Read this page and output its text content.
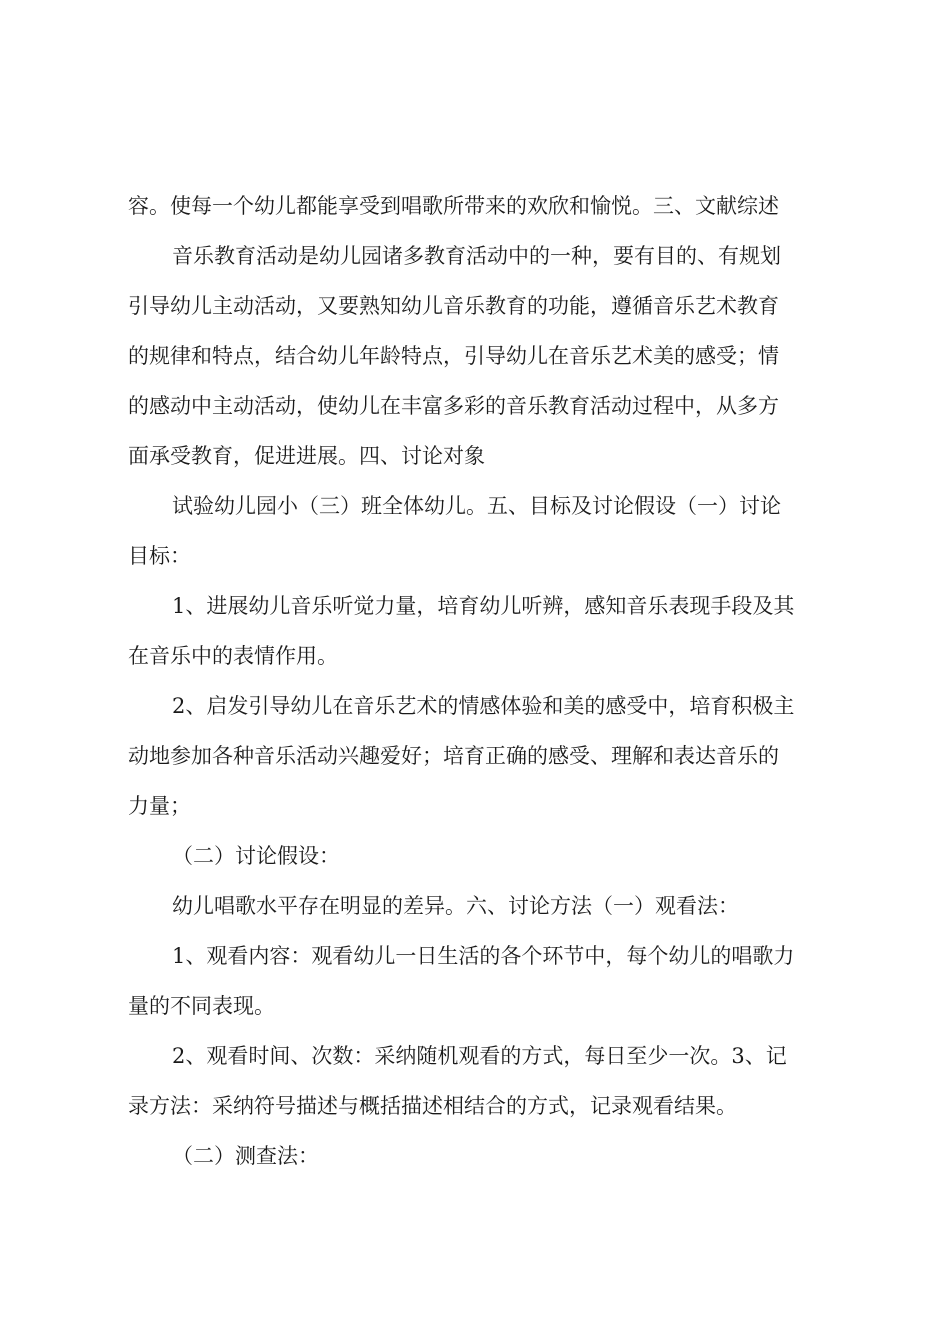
容。使每一个幼儿都能享受到唱歌所带来的欢欣和愉悦。三、文献综述
音乐教育活动是幼儿园诸多教育活动中的一种，要有目的、有规划
引导幼儿主动活动，又要熟知幼儿音乐教育的功能，遵循音乐艺术教育
的规律和特点，结合幼儿年龄特点，引导幼儿在音乐艺术美的感受；情
的感动中主动活动，使幼儿在丰富多彩的音乐教育活动过程中，从多方
面承受教育，促进进展。四、讨论对象
试验幼儿园小（三）班全体幼儿。五、目标及讨论假设（一）讨论
目标：
1、进展幼儿音乐听觉力量，培育幼儿听辨，感知音乐表现手段及其
在音乐中的表情作用。
2、启发引导幼儿在音乐艺术的情感体验和美的感受中，培育积极主
动地参加各种音乐活动兴趣爱好；培育正确的感受、理解和表达音乐的
力量；
（二）讨论假设：
幼儿唱歌水平存在明显的差异。六、讨论方法（一）观看法：
1、观看内容：观看幼儿一日生活的各个环节中，每个幼儿的唱歌力
量的不同表现。
2、观看时间、次数：采纳随机观看的方式，每日至少一次。3、记
录方法：采纳符号描述与概括描述相结合的方式，记录观看结果。
（二）测查法：
